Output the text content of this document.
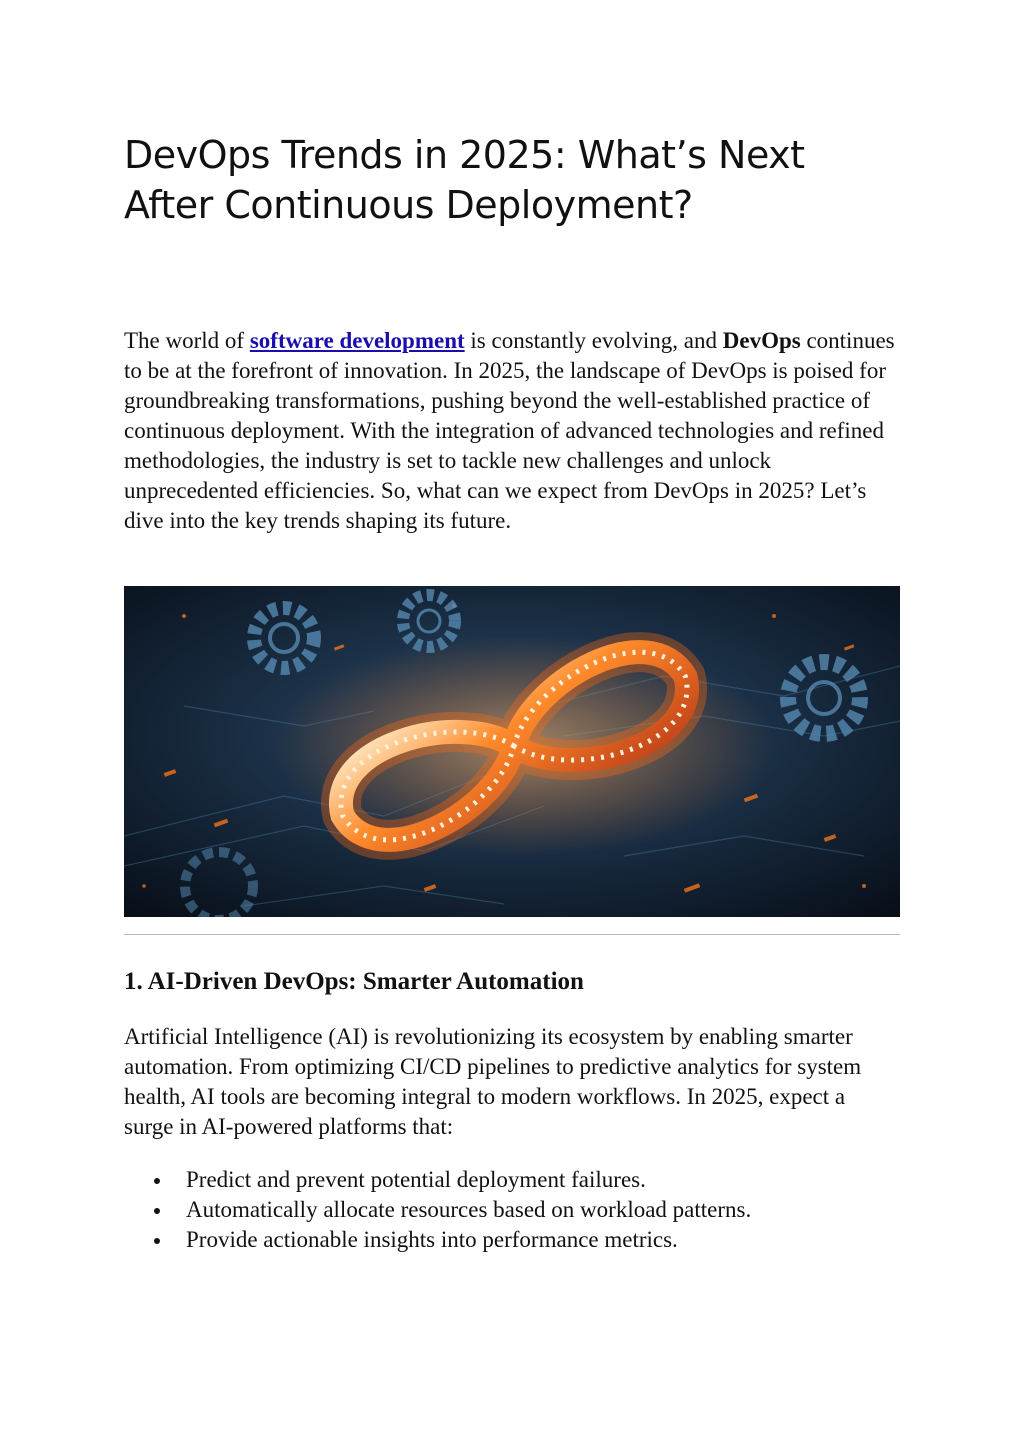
DevOps Trends in 2025: What’s Next
After Continuous Deployment?

The world of software development is constantly evolving, and DevOps continues to be at the forefront of innovation. In 2025, the landscape of DevOps is poised for groundbreaking transformations, pushing beyond the well-established practice of continuous deployment. With the integration of advanced technologies and refined methodologies, the industry is set to tackle new challenges and unlock unprecedented efficiencies. So, what can we expect from DevOps in 2025? Let’s dive into the key trends shaping its future.

1. AI-Driven DevOps: Smarter Automation

Artificial Intelligence (AI) is revolutionizing its ecosystem by enabling smarter automation. From optimizing CI/CD pipelines to predictive analytics for system health, AI tools are becoming integral to modern workflows. In 2025, expect a surge in AI-powered platforms that:

Predict and prevent potential deployment failures.
Automatically allocate resources based on workload patterns.
Provide actionable insights into performance metrics.
